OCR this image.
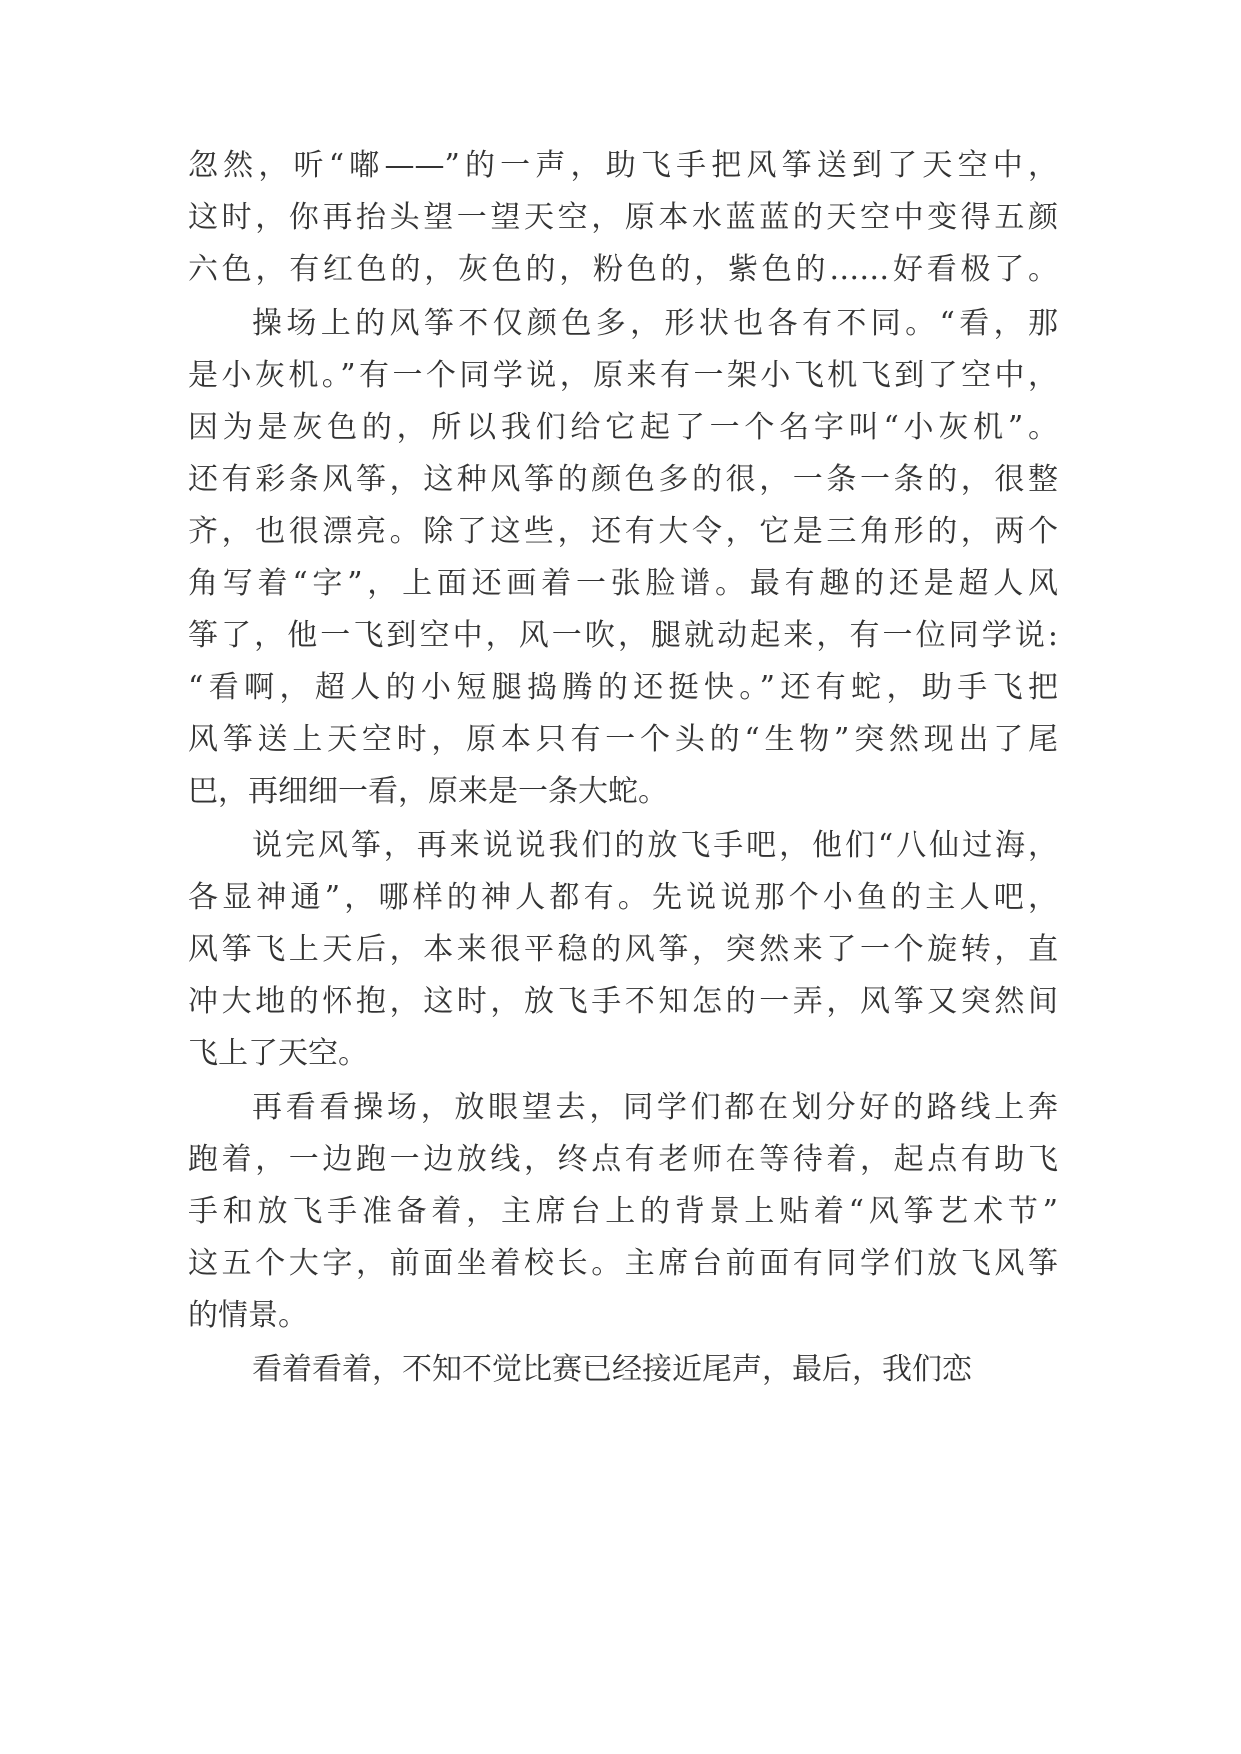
忽然，听“嘟——”的一声，助飞手把风筝送到了天空中，
这时，你再抬头望一望天空，原本水蓝蓝的天空中变得五颜
六色，有红色的，灰色的，粉色的，紫色的……好看极了。
操场上的风筝不仅颜色多，形状也各有不同。“看，那
是小灰机。”有一个同学说，原来有一架小飞机飞到了空中，
因为是灰色的，所以我们给它起了一个名字叫“小灰机”。
还有彩条风筝，这种风筝的颜色多的很，一条一条的，很整
齐，也很漂亮。除了这些，还有大令，它是三角形的，两个
角写着“字”，上面还画着一张脸谱。最有趣的还是超人风
筝了，他一飞到空中，风一吹，腿就动起来，有一位同学说:
“看啊，超人的小短腿捣腾的还挺快。”还有蛇，助手飞把
风筝送上天空时，原本只有一个头的“生物”突然现出了尾
巴，再细细一看，原来是一条大蛇。
说完风筝，再来说说我们的放飞手吧，他们“八仙过海，
各显神通”，哪样的神人都有。先说说那个小鱼的主人吧，
风筝飞上天后，本来很平稳的风筝，突然来了一个旋转，直
冲大地的怀抱，这时，放飞手不知怎的一弄，风筝又突然间
飞上了天空。
再看看操场，放眼望去，同学们都在划分好的路线上奔
跑着，一边跑一边放线，终点有老师在等待着，起点有助飞
手和放飞手准备着，主席台上的背景上贴着“风筝艺术节”
这五个大字，前面坐着校长。主席台前面有同学们放飞风筝
的情景。
看着看着，不知不觉比赛已经接近尾声，最后，我们恋
